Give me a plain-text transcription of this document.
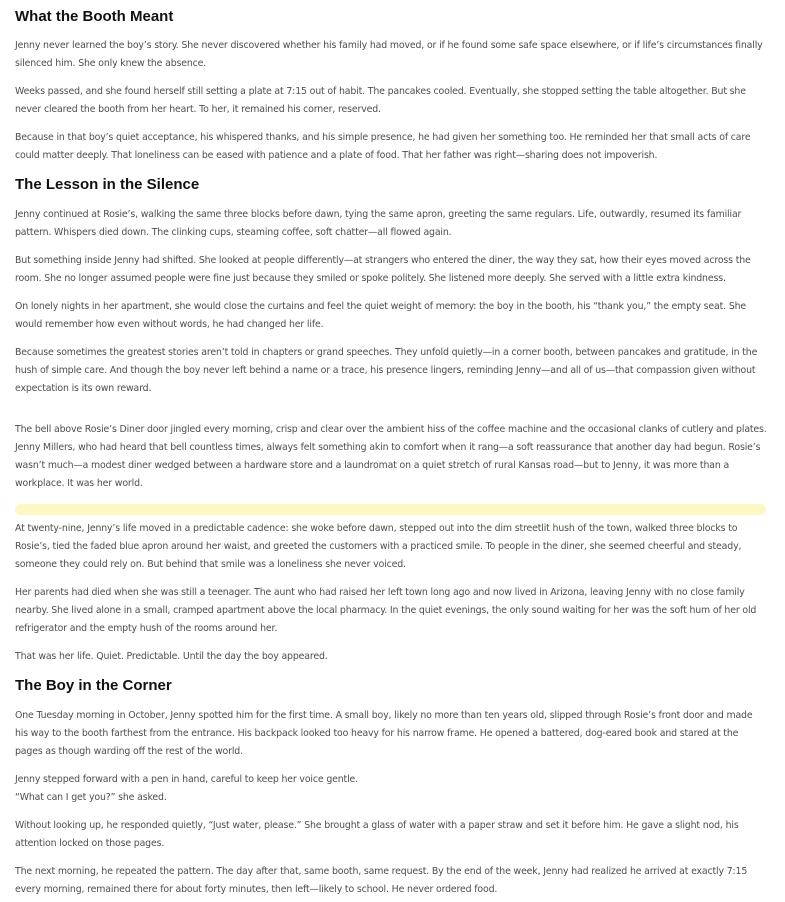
What the Booth Meant

Jenny never learned the boy’s story. She never discovered whether his family had moved, or if he found some safe space elsewhere, or if life’s circumstances finally silenced him. She only knew the absence.

Weeks passed, and she found herself still setting a plate at 7:15 out of habit. The pancakes cooled. Eventually, she stopped setting the table altogether. But she never cleared the booth from her heart. To her, it remained his corner, reserved.

Because in that boy’s quiet acceptance, his whispered thanks, and his simple presence, he had given her something too. He reminded her that small acts of care could matter deeply. That loneliness can be eased with patience and a plate of food. That her father was right—sharing does not impoverish.

The Lesson in the Silence

Jenny continued at Rosie’s, walking the same three blocks before dawn, tying the same apron, greeting the same regulars. Life, outwardly, resumed its familiar pattern. Whispers died down. The clinking cups, steaming coffee, soft chatter—all flowed again.

But something inside Jenny had shifted. She looked at people differently—at strangers who entered the diner, the way they sat, how their eyes moved across the room. She no longer assumed people were fine just because they smiled or spoke politely. She listened more deeply. She served with a little extra kindness.

On lonely nights in her apartment, she would close the curtains and feel the quiet weight of memory: the boy in the booth, his “thank you,” the empty seat. She would remember how even without words, he had changed her life.

Because sometimes the greatest stories aren’t told in chapters or grand speeches. They unfold quietly—in a corner booth, between pancakes and gratitude, in the hush of simple care. And though the boy never left behind a name or a trace, his presence lingers, reminding Jenny—and all of us—that compassion given without expectation is its own reward.

The bell above Rosie’s Diner door jingled every morning, crisp and clear over the ambient hiss of the coffee machine and the occasional clanks of cutlery and plates. Jenny Millers, who had heard that bell countless times, always felt something akin to comfort when it rang—a soft reassurance that another day had begun. Rosie’s wasn’t much—a modest diner wedged between a hardware store and a laundromat on a quiet stretch of rural Kansas road—but to Jenny, it was more than a workplace. It was her world.

At twenty-nine, Jenny’s life moved in a predictable cadence: she woke before dawn, stepped out into the dim streetlit hush of the town, walked three blocks to Rosie’s, tied the faded blue apron around her waist, and greeted the customers with a practiced smile. To people in the diner, she seemed cheerful and steady, someone they could rely on. But behind that smile was a loneliness she never voiced.

Her parents had died when she was still a teenager. The aunt who had raised her left town long ago and now lived in Arizona, leaving Jenny with no close family nearby. She lived alone in a small, cramped apartment above the local pharmacy. In the quiet evenings, the only sound waiting for her was the soft hum of her old refrigerator and the empty hush of the rooms around her.

That was her life. Quiet. Predictable. Until the day the boy appeared.

The Boy in the Corner

One Tuesday morning in October, Jenny spotted him for the first time. A small boy, likely no more than ten years old, slipped through Rosie’s front door and made his way to the booth farthest from the entrance. His backpack looked too heavy for his narrow frame. He opened a battered, dog-eared book and stared at the pages as though warding off the rest of the world.

Jenny stepped forward with a pen in hand, careful to keep her voice gentle.

“What can I get you?” she asked.

Without looking up, he responded quietly, “Just water, please.” She brought a glass of water with a paper straw and set it before him. He gave a slight nod, his attention locked on those pages.

The next morning, he repeated the pattern. The day after that, same booth, same request. By the end of the week, Jenny had realized he arrived at exactly 7:15 every morning, remained there for about forty minutes, then left—likely to school. He never ordered food.
